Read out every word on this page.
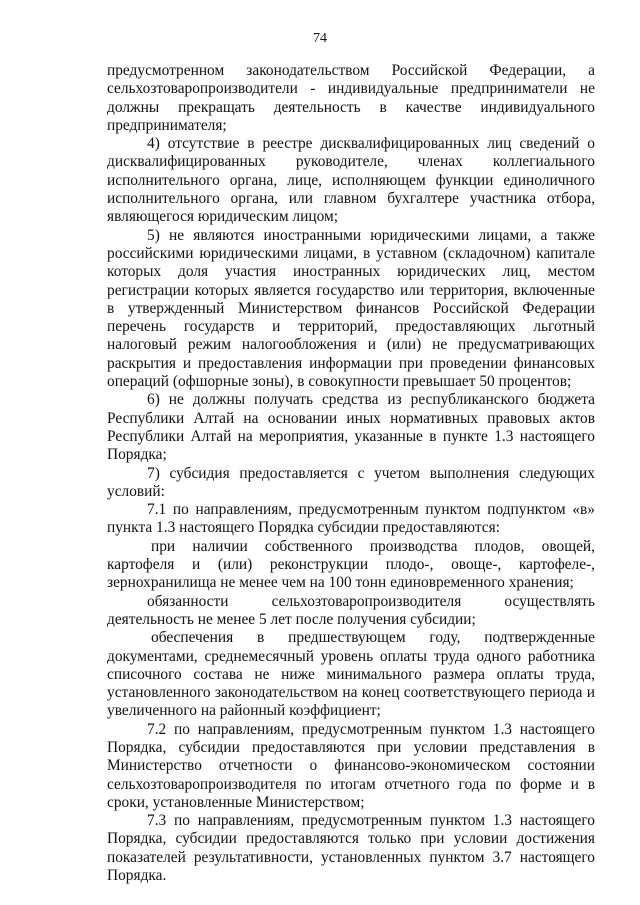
74

предусмотренном законодательством Российской Федерации, а сельхозтоваропроизводители - индивидуальные предприниматели не должны прекращать деятельность в качестве индивидуального предпринимателя;

4) отсутствие в реестре дисквалифицированных лиц сведений о дисквалифицированных руководителе, членах коллегиального исполнительного органа, лице, исполняющем функции единоличного исполнительного органа, или главном бухгалтере участника отбора, являющегося юридическим лицом;

5) не являются иностранными юридическими лицами, а также российскими юридическими лицами, в уставном (складочном) капитале которых доля участия иностранных юридических лиц, местом регистрации которых является государство или территория, включенные в утвержденный Министерством финансов Российской Федерации перечень государств и территорий, предоставляющих льготный налоговый режим налогообложения и (или) не предусматривающих раскрытия и предоставления информации при проведении финансовых операций (офшорные зоны), в совокупности превышает 50 процентов;

6) не должны получать средства из республиканского бюджета Республики Алтай на основании иных нормативных правовых актов Республики Алтай на мероприятия, указанные в пункте 1.3 настоящего Порядка;

7) субсидия предоставляется с учетом выполнения следующих условий:

7.1 по направлениям, предусмотренным пунктом подпунктом «в» пункта 1.3 настоящего Порядка субсидии предоставляются:

при наличии собственного производства плодов, овощей, картофеля и (или) реконструкции плодо-, овоще-, картофеле-, зернохранилища не менее чем на 100 тонн единовременного хранения;

обязанности сельхозтоваропроизводителя осуществлять деятельность не менее 5 лет после получения субсидии;

обеспечения в предшествующем году, подтвержденные документами, среднемесячный уровень оплаты труда одного работника списочного состава не ниже минимального размера оплаты труда, установленного законодательством на конец соответствующего периода и увеличенного на районный коэффициент;

7.2 по направлениям, предусмотренным пунктом 1.3 настоящего Порядка, субсидии предоставляются при условии представления в Министерство отчетности о финансово-экономическом состоянии сельхозтоваропроизводителя по итогам отчетного года по форме и в сроки, установленные Министерством;

7.3 по направлениям, предусмотренным пунктом 1.3 настоящего Порядка, субсидии предоставляются только при условии достижения показателей результативности, установленных пунктом 3.7 настоящего Порядка.
